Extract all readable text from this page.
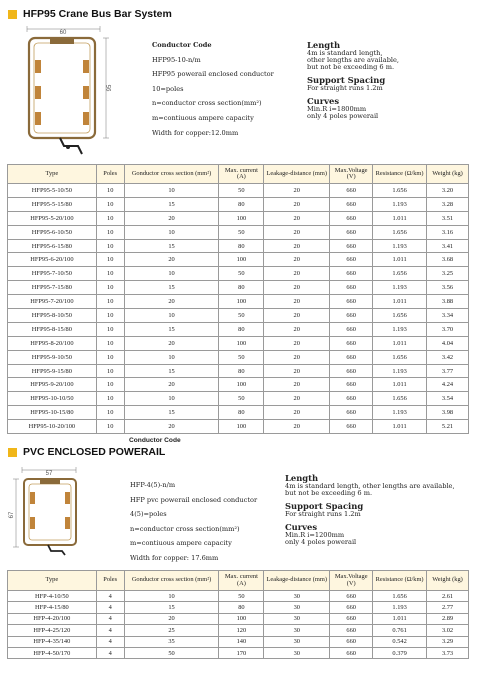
HFP95 Crane Bus Bar System
60
95
Conductor Code
HFP95-10-n/m
HFP95 powerail enclosed conductor
10=poles
n=conductor cross section(mm²)
m=contiuous ampere capacity
Width for copper:12.0mm
Length
4m is standard length,
other lengths are available,
but not be exceeding 6 m.
Support Spacing
For straight runs 1.2m
Curves
Min.R i=1800mm
only 4 poles powerail
Type	Poles	Gonductor cross section (mm²)	Max. current (A)	Leakage-distance (mm)	Max.Voltage (V)	Resistance (Ω/km)	Weight (kg)
HFP95-5-10/50	10	10	50	20	660	1.656	3.20
HFP95-5-15/80	10	15	80	20	660	1.193	3.28
HFP95-5-20/100	10	20	100	20	660	1.011	3.51
HFP95-6-10/50	10	10	50	20	660	1.656	3.16
HFP95-6-15/80	10	15	80	20	660	1.193	3.41
HFP95-6-20/100	10	20	100	20	660	1.011	3.68
HFP95-7-10/50	10	10	50	20	660	1.656	3.25
HFP95-7-15/80	10	15	80	20	660	1.193	3.56
HFP95-7-20/100	10	20	100	20	660	1.011	3.88
HFP95-8-10/50	10	10	50	20	660	1.656	3.34
HFP95-8-15/80	10	15	80	20	660	1.193	3.70
HFP95-8-20/100	10	20	100	20	660	1.011	4.04
HFP95-9-10/50	10	10	50	20	660	1.656	3.42
HFP95-9-15/80	10	15	80	20	660	1.193	3.77
HFP95-9-20/100	10	20	100	20	660	1.011	4.24
HFP95-10-10/50	10	10	50	20	660	1.656	3.54
HFP95-10-15/80	10	15	80	20	660	1.193	3.98
HFP95-10-20/100	10	20	100	20	660	1.011	5.21
Conductor Code
PVC ENCLOSED POWERAIL
57
67
HFP-4(5)-n/m
HFP pvc powerail enclosed conductor
4(5)=poles
n=conductor cross section(mm²)
m=contiuous ampere capacity
Width for copper: 17.6mm
Length
4m is standard length, other lengths are available,
but not be exceeding 6 m.
Support Spacing
For straight runs 1.2m
Curves
Min.R i=1200mm
only 4 poles powerail
Type	Poles	Gonductor cross section (mm²)	Max. current (A)	Leakage-distance (mm)	Max.Voltage (V)	Resistance (Ω/km)	Weight (kg)
HFP-4-10/50	4	10	50	30	660	1.656	2.61
HFP-4-15/80	4	15	80	30	660	1.193	2.77
HFP-4-20/100	4	20	100	30	660	1.011	2.89
HFP-4-25/120	4	25	120	30	660	0.761	3.02
HFP-4-35/140	4	35	140	30	660	0.542	3.29
HFP-4-50/170	4	50	170	30	660	0.379	3.73
